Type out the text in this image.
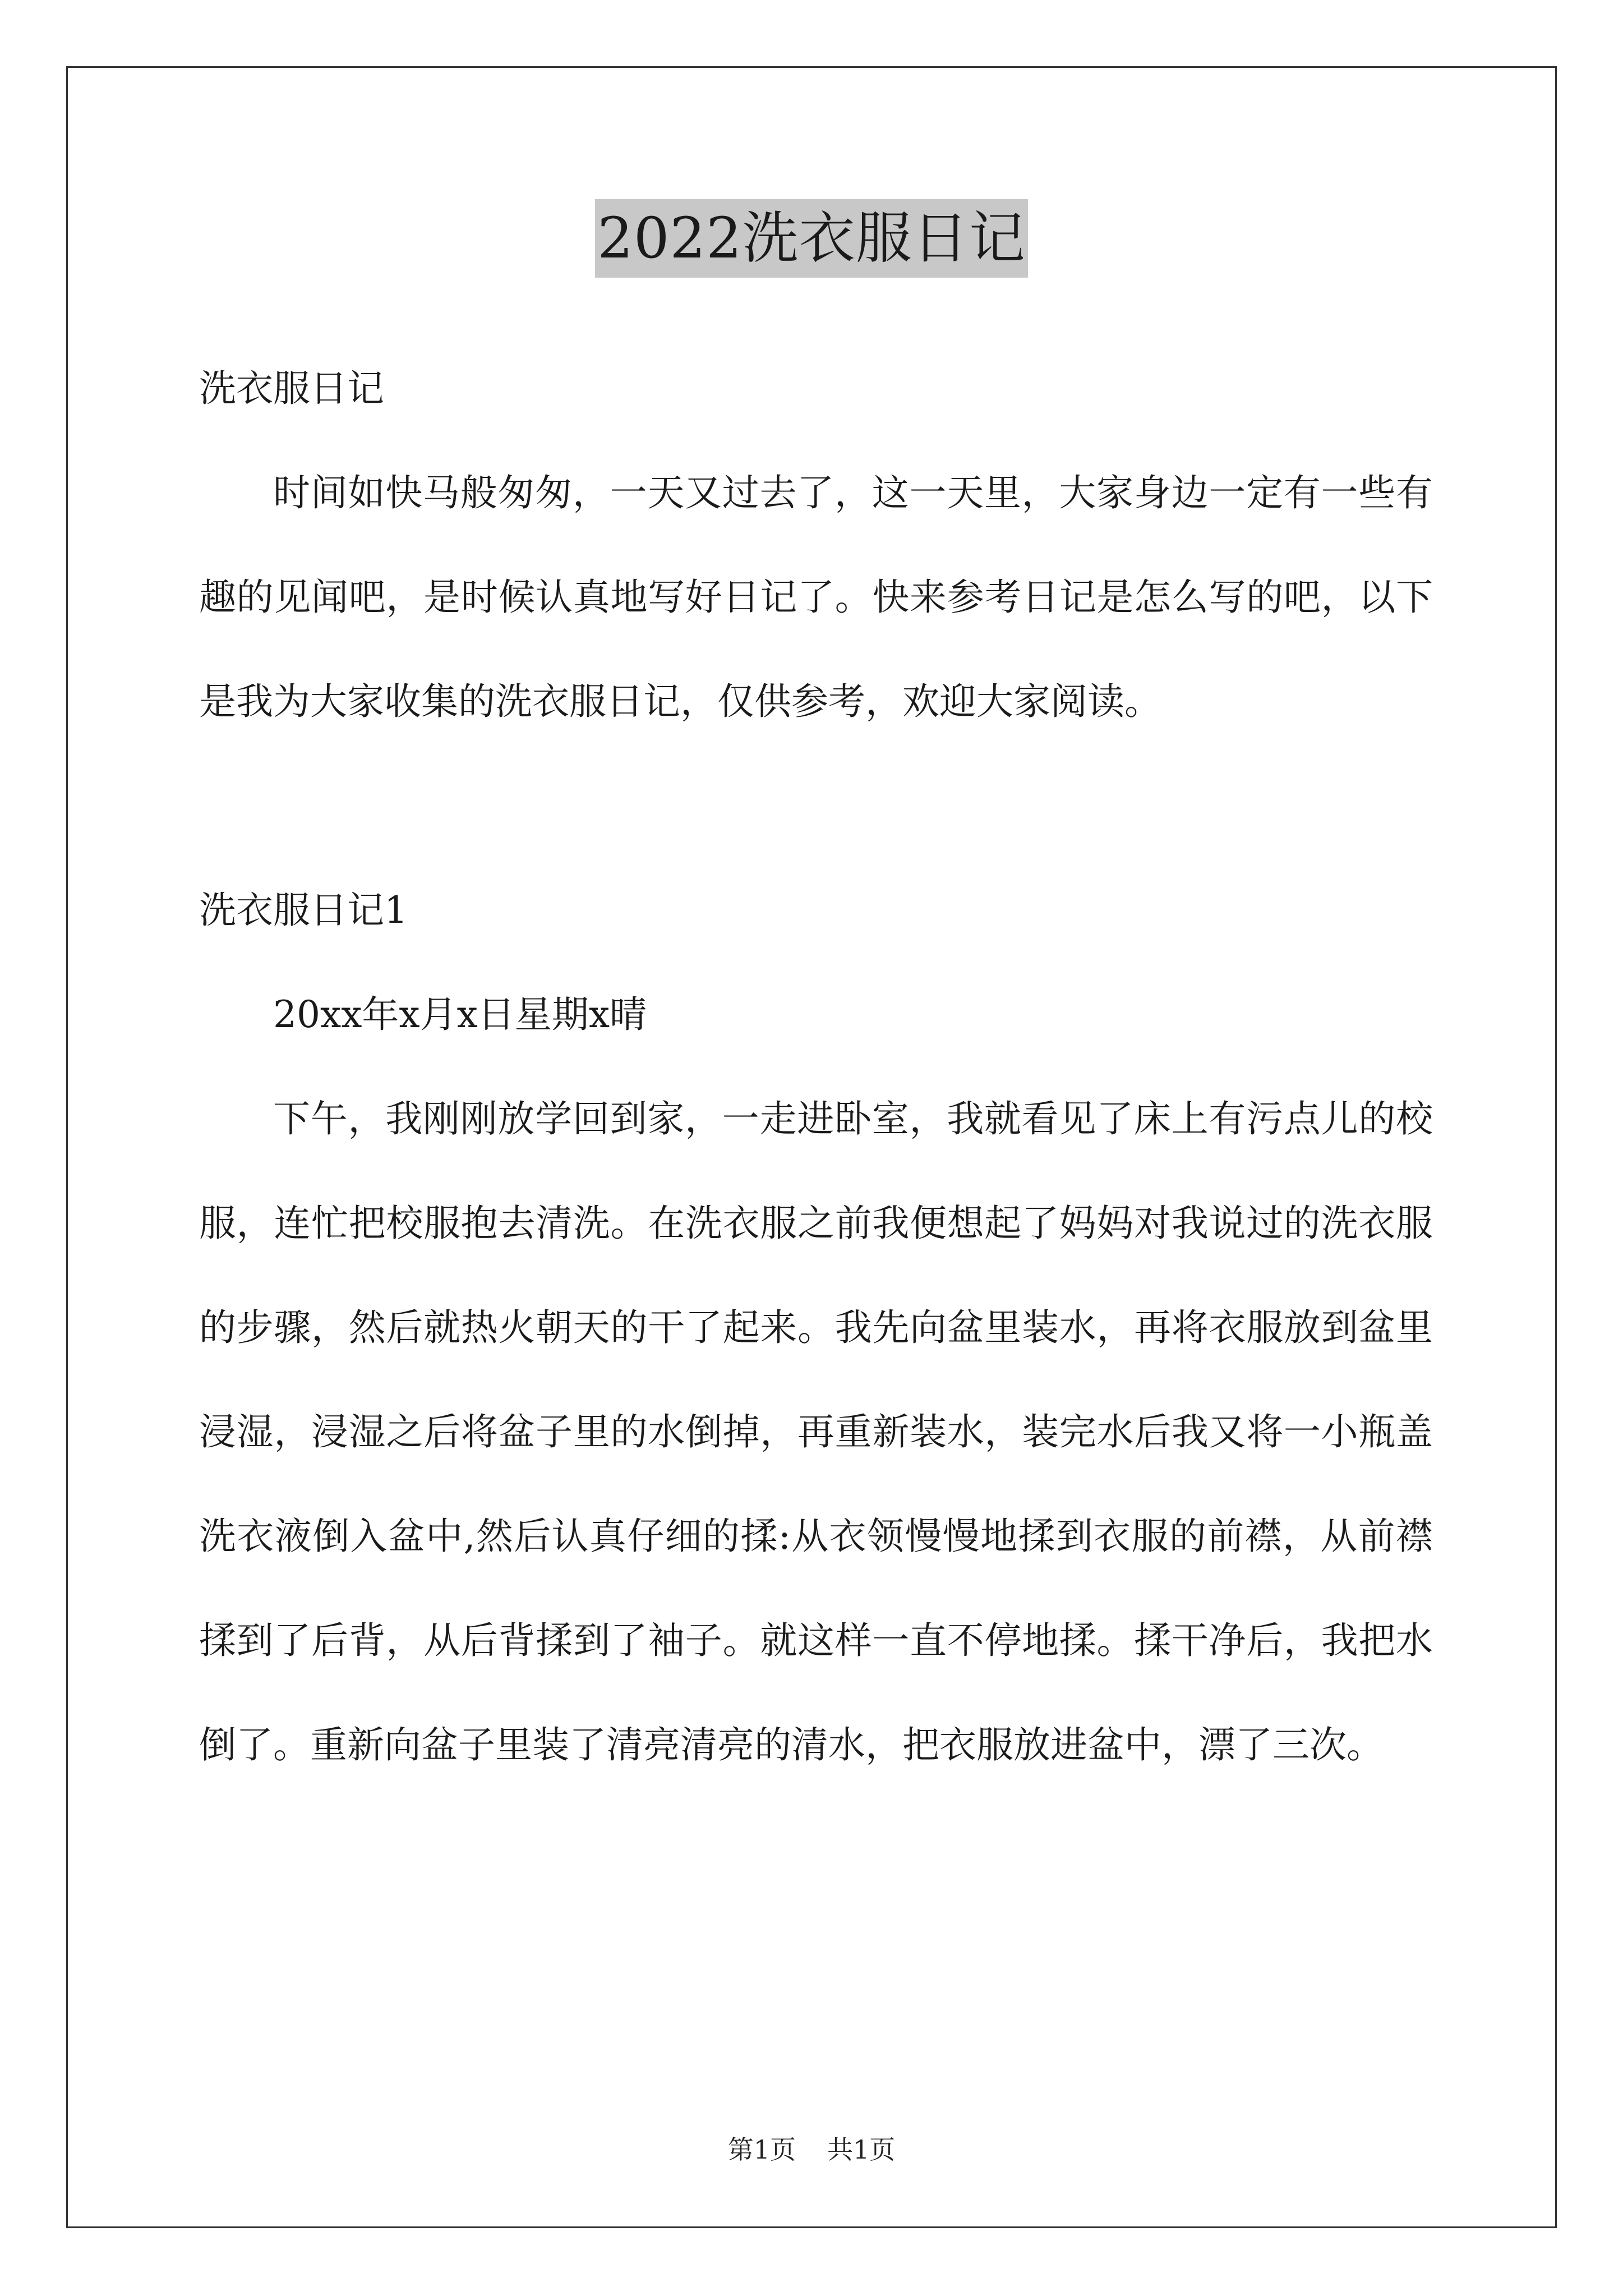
2022洗衣服日记

洗衣服日记

时间如快马般匆匆，一天又过去了，这一天里，大家身边一定有一些有趣的见闻吧，是时候认真地写好日记了。快来参考日记是怎么写的吧，以下是我为大家收集的洗衣服日记，仅供参考，欢迎大家阅读。

洗衣服日记1

20xx年x月x日星期x晴

下午，我刚刚放学回到家，一走进卧室，我就看见了床上有污点儿的校服，连忙把校服抱去清洗。在洗衣服之前我便想起了妈妈对我说过的洗衣服的步骤，然后就热火朝天的干了起来。我先向盆里装水，再将衣服放到盆里浸湿，浸湿之后将盆子里的水倒掉，再重新装水，装完水后我又将一小瓶盖洗衣液倒入盆中,然后认真仔细的揉:从衣领慢慢地揉到衣服的前襟，从前襟揉到了后背，从后背揉到了袖子。就这样一直不停地揉。揉干净后，我把水倒了。重新向盆子里装了清亮清亮的清水，把衣服放进盆中，漂了三次。

第1页 共1页
